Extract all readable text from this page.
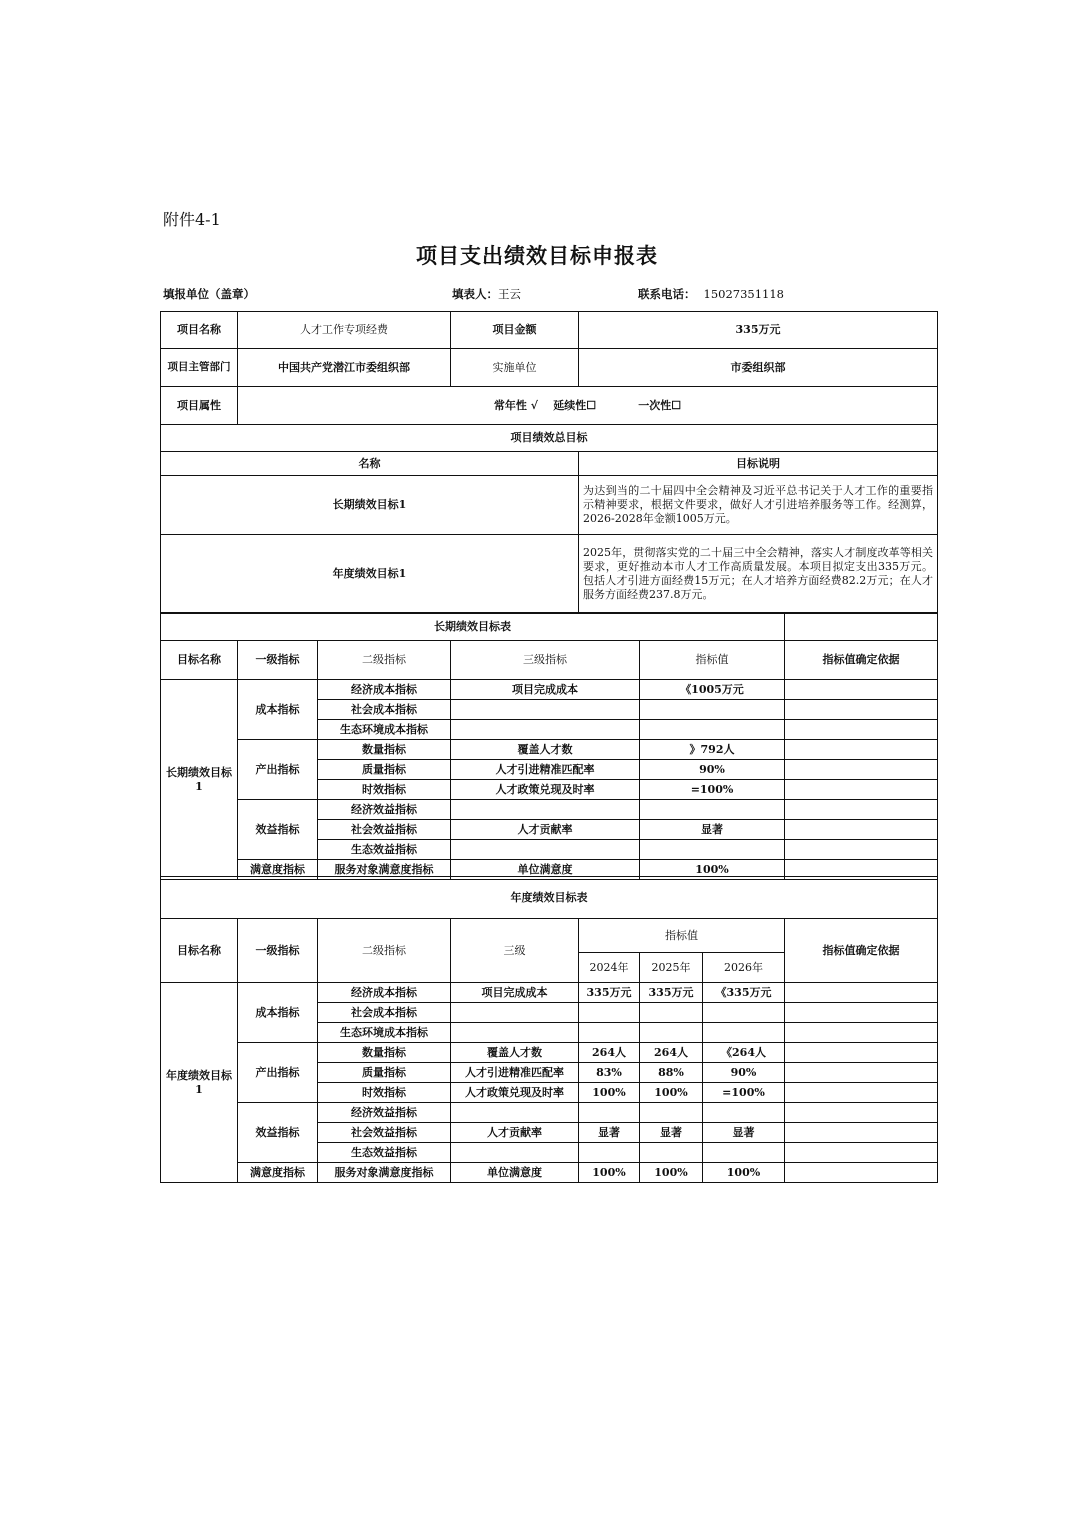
附件4-1
项目支出绩效目标申报表
填报单位（盖章）	填表人：王云	联系电话： 15027351118
项目名称	人才工作专项经费	项目金额	335万元
项目主管部门	中国共产党潜江市委组织部	实施单位	市委组织部
项目属性	常年性 √    延续性☐           一次性☐		
项目绩效总目标			
名称			目标说明
长期绩效目标1			为达到当的二十届四中全会精神及习近平总书记关于人才工作的重要指示精神要求，根据文件要求，做好人才引进培养服务等工作。经测算，2026-2028年金额1005万元。
年度绩效目标1			2025年，贯彻落实党的二十届三中全会精神，落实人才制度改革等相关要求，更好推动本市人才工作高质量发展。本项目拟定支出335万元。包括人才引进方面经费15万元；在人才培养方面经费82.2万元；在人才服务方面经费237.8万元。
长期绩效目标表					
目标名称	一级指标	二级指标	三级指标	指标值	指标值确定依据
长期绩效目标1	成本指标	经济成本指标	项目完成成本	《1005万元	
		社会成本指标			
		生态环境成本指标			
	产出指标	数量指标	覆盖人才数	》792人	
		质量指标	人才引进精准匹配率	90%	
		时效指标	人才政策兑现及时率	=100%	
	效益指标	经济效益指标			
		社会效益指标	人才贡献率	显著	
		生态效益指标			
	满意度指标	服务对象满意度指标	单位满意度	100%	
年度绩效目标表							
目标名称	一级指标	二级指标	三级	指标值			指标值确定依据
				2024年	2025年	2026年	
年度绩效目标1	成本指标	经济成本指标	项目完成成本	335万元	335万元	《335万元	
		社会成本指标					
		生态环境成本指标					
	产出指标	数量指标	覆盖人才数	264人	264人	《264人	
		质量指标	人才引进精准匹配率	83%	88%	90%	
		时效指标	人才政策兑现及时率	100%	100%	=100%	
	效益指标	经济效益指标					
		社会效益指标	人才贡献率	显著	显著	显著	
		生态效益指标					
	满意度指标	服务对象满意度指标	单位满意度	100%	100%	100%	
